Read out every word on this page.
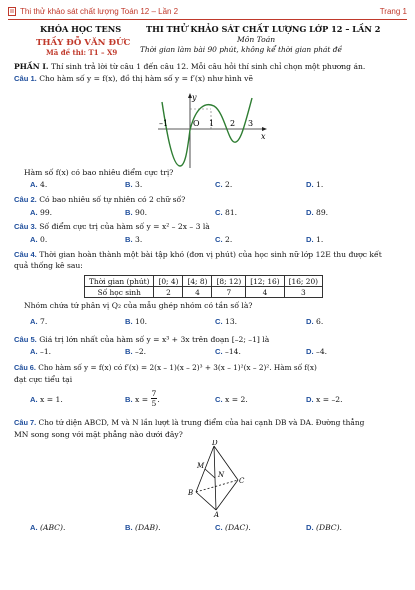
Thi thử khảo sát chất lượng Toán 12 – Lần 2	Trang 1
KHÓA HỌC TENS
THẦY ĐỖ VĂN ĐỨC
Mã đề thi: T1 – X9
THI THỬ KHẢO SÁT CHẤT LƯỢNG LỚP 12 – LẦN 2
Môn Toán
Thời gian làm bài 90 phút, không kể thời gian phát đề
PHẦN I. Thí sinh trả lời từ câu 1 đến câu 12. Mỗi câu hỏi thí sinh chỉ chọn một phương án.
Câu 1. Cho hàm số y = f(x), đồ thị hàm số y = f′(x) như hình vẽ
y
x
O
–1	1 2 3
Hàm số f(x) có bao nhiêu điểm cực trị?
A. 4.	B. 3.	C. 2.	D. 1.
Câu 2. Có bao nhiêu số tự nhiên có 2 chữ số?
A. 99.	B. 90.	C. 81.	D. 89.
Câu 3. Số điểm cực trị của hàm số y = x² – 2x – 3 là
A. 0.	B. 3.	C. 2.	D. 1.
Câu 4. Thời gian hoàn thành một bài tập khó (đơn vị phút) của học sinh nữ lớp 12E thu được kết
quả thống kê sau:
Thời gian (phút)	[0; 4)	[4; 8)	[8; 12)	[12; 16)	[16; 20)
Số học sinh	2	4	7	4	3
Nhóm chứa tứ phân vị Q₂ của mẫu ghép nhóm có tần số là?
A. 7.	B. 10.	C. 13.	D. 6.
Câu 5. Giá trị lớn nhất của hàm số y = x³ + 3x trên đoạn [–2; –1] là
A. –1.	B. –2.	C. –14.	D. –4.
Câu 6. Cho hàm số y = f(x) có f′(x) = 2(x – 1)(x – 2)³ + 3(x – 1)²(x – 2)². Hàm số f(x)
đạt cực tiểu tại
A. x = 1.	B. $x = \frac{7}{5}$ .	C. x = 2.	D. x = –2.
Câu 7. Cho tứ diện ABCD, M và N lần lượt là trung điểm của hai cạnh DB và DA. Đường thẳng
MN song song với mặt phẳng nào dưới đây?
D
N
M
B
C
A
A. (ABC).	B. (DAB).	C. (DAC).	D. (DBC).
